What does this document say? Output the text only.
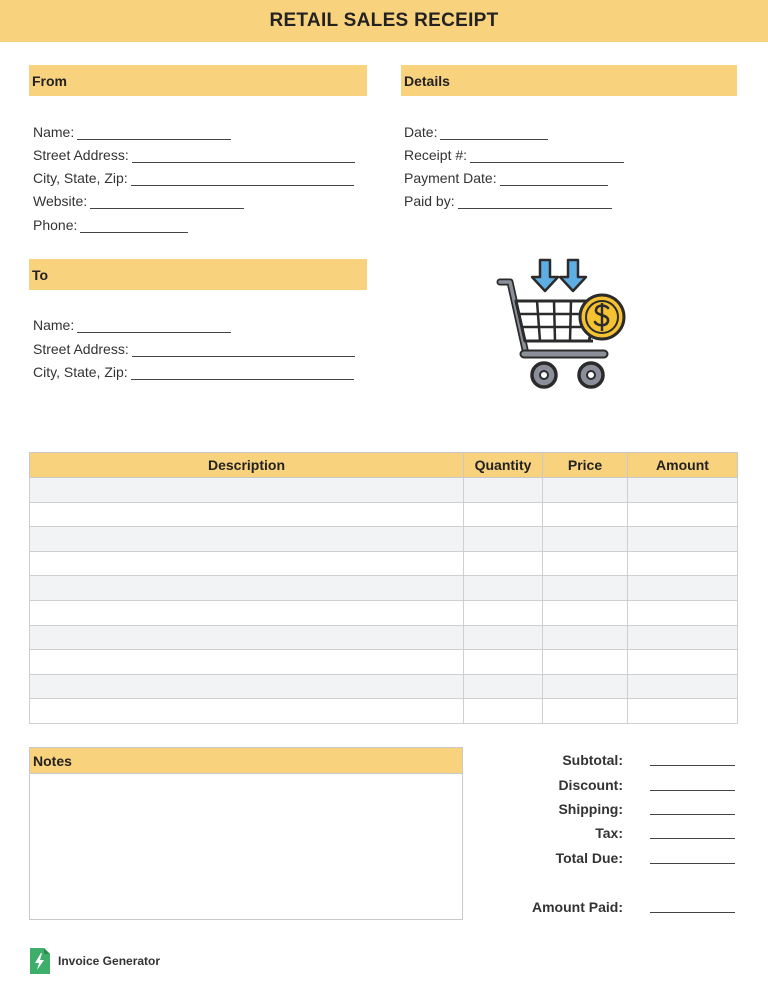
RETAIL SALES RECEIPT
From
Name:
Street Address:
City, State, Zip:
Website:
Phone:
Details
Date:
Receipt #:
Payment Date:
Paid by:
To
Name:
Street Address:
City, State, Zip:
Description	Quantity	Price	Amount

Notes	Subtotal:
Discount:
Shipping:
Tax:
Total Due:
Amount Paid:
Invoice Generator
